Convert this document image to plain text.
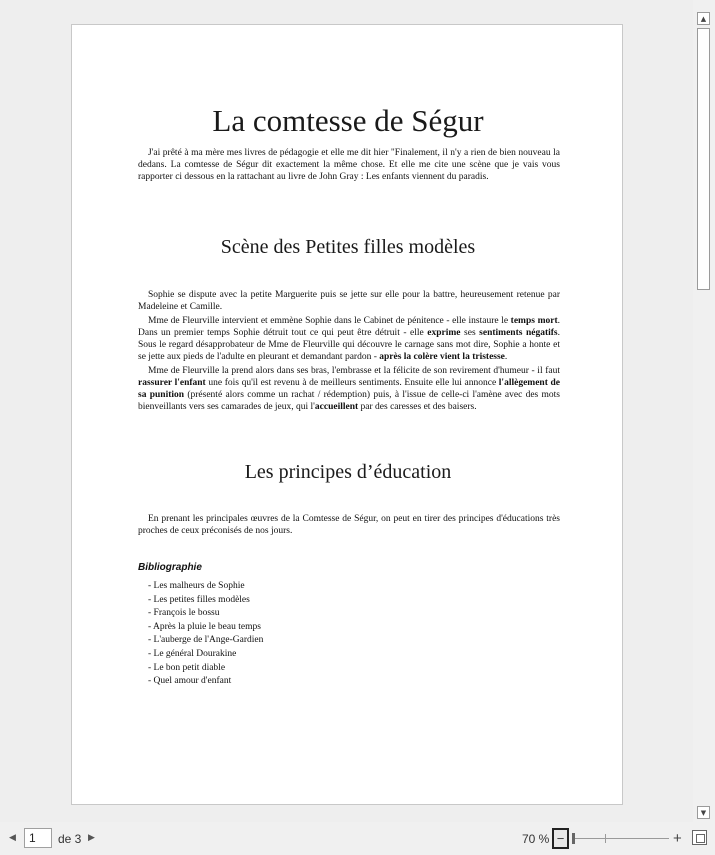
La comtesse de Ségur

J'ai prêté à ma mère mes livres de pédagogie et elle me dit hier "Finalement, il n'y a rien de bien nouveau la dedans. La comtesse de Ségur dit exactement la même chose. Et elle me cite une scène que je vais vous rapporter ci dessous en la rattachant au livre de John Gray : Les enfants viennent du paradis.

Scène des Petites filles modèles

Sophie se dispute avec la petite Marguerite puis se jette sur elle pour la battre, heureusement retenue par Madeleine et Camille.

Mme de Fleurville intervient et emmène Sophie dans le Cabinet de pénitence - elle instaure le temps mort. Dans un premier temps Sophie détruit tout ce qui peut être détruit - elle exprime ses sentiments négatifs. Sous le regard désapprobateur de Mme de Fleurville qui découvre le carnage sans mot dire, Sophie a honte et se jette aux pieds de l'adulte en pleurant et demandant pardon - après la colère vient la tristesse.

Mme de Fleurville la prend alors dans ses bras, l'embrasse et la félicite de son revirement d'humeur - il faut rassurer l'enfant une fois qu'il est revenu à de meilleurs sentiments. Ensuite elle lui annonce l'allègement de sa punition (présenté alors comme un rachat / rédemption) puis, à l'issue de celle-ci l'amène avec des mots bienveillants vers ses camarades de jeux, qui l'accueillent par des caresses et des baisers.

Les principes d’éducation

En prenant les principales œuvres de la Comtesse de Ségur, on peut en tirer des principes d'éducations très proches de ceux préconisés de nos jours.

Bibliographie
- Les malheurs de Sophie
- Les petites filles modèles
- François le bossu
- Après la pluie le beau temps
- L'auberge de l'Ange-Gardien
- Le général Dourakine
- Le bon petit diable
- Quel amour d'enfant
▲
▼
◀
1	de 3 ▶	70 % −	+
